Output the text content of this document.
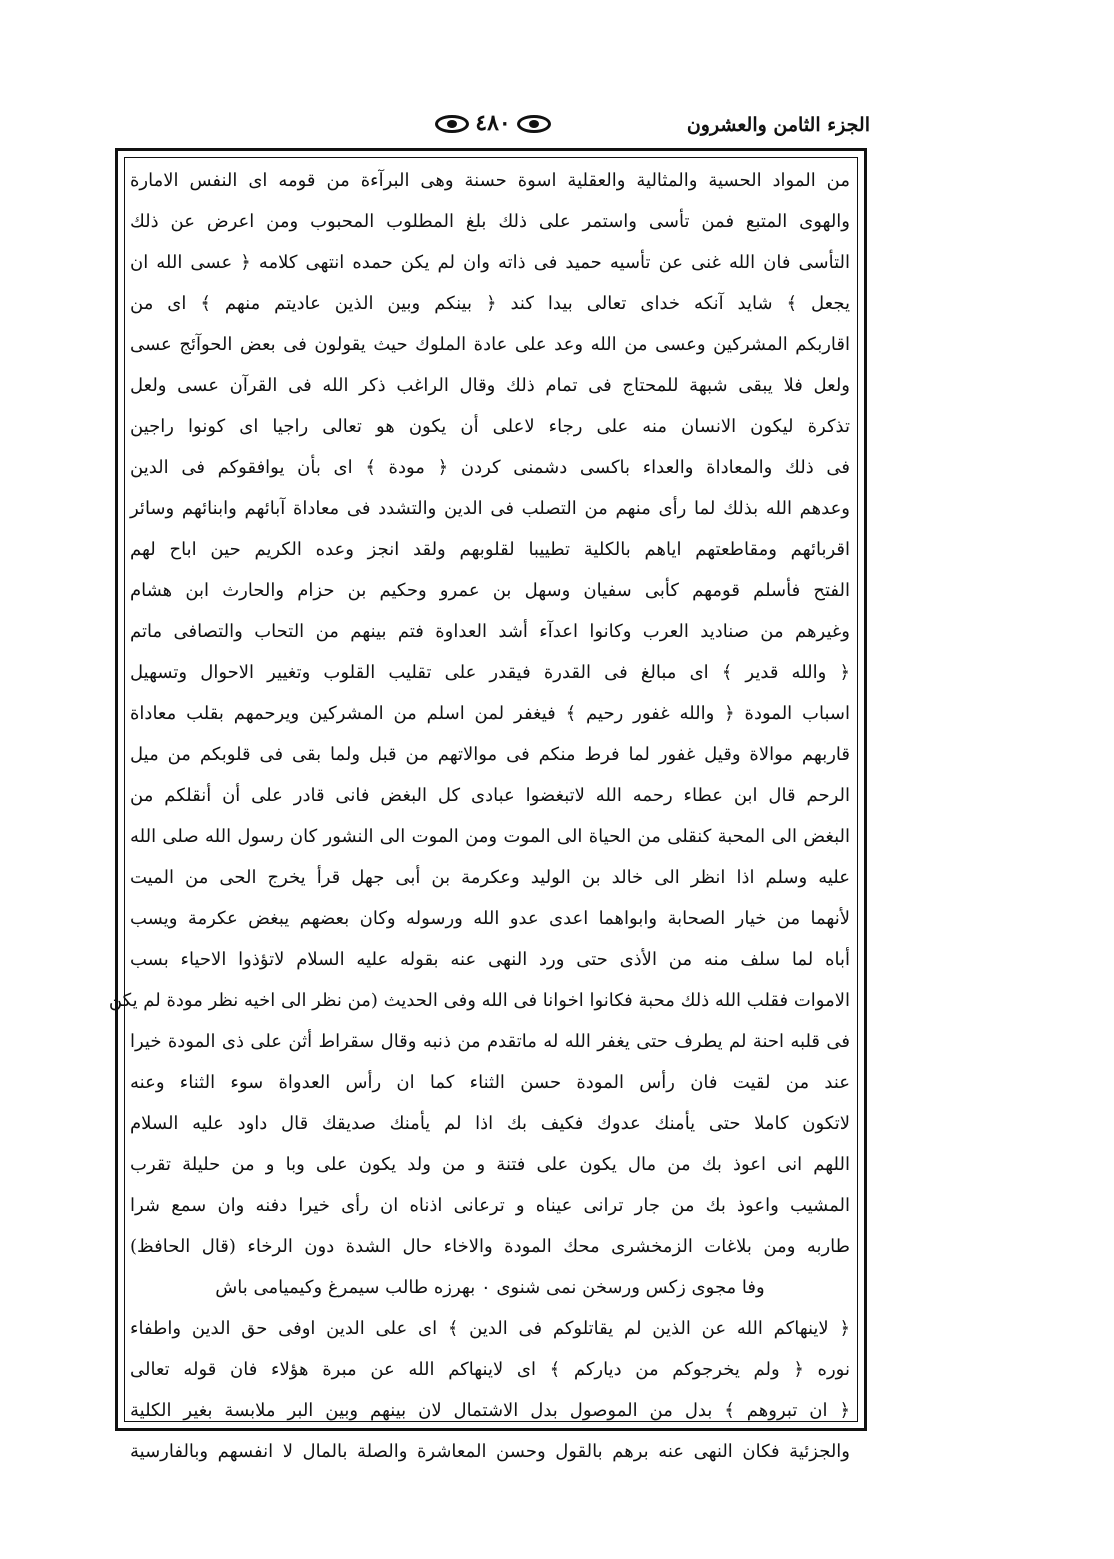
الجزء الثامن والعشرون
٤٨٠
من المواد الحسية والمثالية والعقلية اسوة حسنة وهى البرآءة من قومه اى النفس الامارة
والهوى المتبع فمن تأسى واستمر على ذلك بلغ المطلوب المحبوب ومن اعرض عن ذلك
التأسى فان الله غنى عن تأسيه حميد فى ذاته وان لم يكن حمده انتهى كلامه ﴿ عسى الله ان
يجعل ﴾ شايد آنكه خداى تعالى بيدا كند ﴿ بينكم وبين الذين عاديتم منهم ﴾ اى من
اقاربكم المشركين وعسى من الله وعد على عادة الملوك حيث يقولون فى بعض الحوآئج عسى
ولعل فلا يبقى شبهة للمحتاج فى تمام ذلك وقال الراغب ذكر الله فى القرآن عسى ولعل
تذكرة ليكون الانسان منه على رجاء لاعلى أن يكون هو تعالى راجيا اى كونوا راجين
فى ذلك والمعاداة والعداء باكسى دشمنى كردن ﴿ مودة ﴾ اى بأن يوافقوكم فى الدين
وعدهم الله بذلك لما رأى منهم من التصلب فى الدين والتشدد فى معاداة آبائهم وابنائهم وسائر
اقربائهم ومقاطعتهم اياهم بالكلية تطييبا لقلوبهم ولقد انجز وعده الكريم حين اباح لهم
الفتح فأسلم قومهم كأبى سفيان وسهل بن عمرو وحكيم بن حزام والحارث ابن هشام
وغيرهم من صناديد العرب وكانوا اعدآء أشد العداوة فتم بينهم من التحاب والتصافى ماتم
﴿ والله قدير ﴾ اى مبالغ فى القدرة فيقدر على تقليب القلوب وتغيير الاحوال وتسهيل
اسباب المودة ﴿ والله غفور رحيم ﴾ فيغفر لمن اسلم من المشركين ويرحمهم بقلب معاداة
قاربهم موالاة وقيل غفور لما فرط منكم فى موالاتهم من قبل ولما بقى فى قلوبكم من ميل
الرحم قال ابن عطاء رحمه الله لاتبغضوا عبادى كل البغض فانى قادر على أن أنقلكم من
البغض الى المحبة كنقلى من الحياة الى الموت ومن الموت الى النشور كان رسول الله صلى الله
عليه وسلم اذا انظر الى خالد بن الوليد وعكرمة بن أبى جهل قرأ يخرج الحى من الميت
لأنهما من خيار الصحابة وابواهما اعدى عدو الله ورسوله وكان بعضهم يبغض عكرمة ويسب
أباه لما سلف منه من الأذى حتى ورد النهى عنه بقوله عليه السلام لاتؤذوا الاحياء بسب
الاموات فقلب الله ذلك محبة فكانوا اخوانا فى الله وفى الحديث (من نظر الى اخيه نظر مودة لم يكن
فى قلبه احنة لم يطرف حتى يغفر الله له ماتقدم من ذنبه وقال سقراط أثن على ذى المودة خيرا
عند من لقيت فان رأس المودة حسن الثناء كما ان رأس العدواة سوء الثناء وعنه
لاتكون كاملا حتى يأمنك عدوك فكيف بك اذا لم يأمنك صديقك قال داود عليه السلام
اللهم انى اعوذ بك من مال يكون على فتنة و من ولد يكون على وبا و من حليلة تقرب
المشيب واعوذ بك من جار ترانى عيناه و ترعانى اذناه ان رأى خيرا دفنه وان سمع شرا
طاربه ومن بلاغات الزمخشرى محك المودة والاخاء حال الشدة دون الرخاء (قال الحافظ)
وفا مجوى زكس ورسخن نمى شنوى ٠ بهرزه طالب سيمرغ وكيميامى باش
﴿ لاينهاكم الله عن الذين لم يقاتلوكم فى الدين ﴾ اى على الدين اوفى حق الدين واطفاء
نوره ﴿ ولم يخرجوكم من دياركم ﴾ اى لاينهاكم الله عن مبرة هؤلاء فان قوله تعالى
﴿ ان تبروهم ﴾ بدل من الموصول بدل الاشتمال لان بينهم وبين البر ملابسة بغير الكلية
والجزئية فكان النهى عنه برهم بالقول وحسن المعاشرة والصلة بالمال لا انفسهم وبالفارسية
